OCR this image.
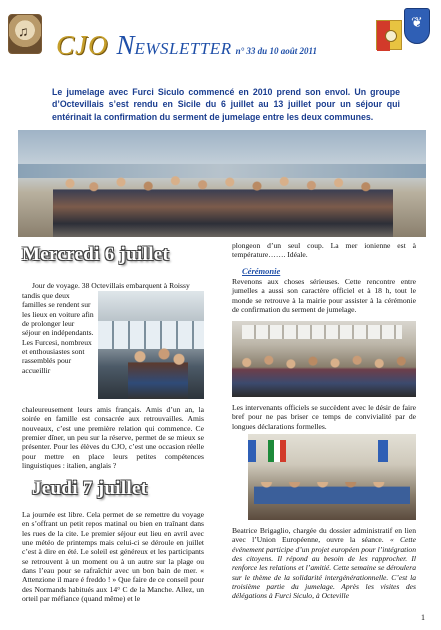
♫ CJO NEWSLETTER n° 33 du 10 août 2011
❦

Le jumelage avec Furci Siculo commencé en 2010 prend son envol. Un groupe d’Octevillais s’est rendu en Sicile du 6 juillet au 13 juillet pour un séjour qui entérinait la confirmation du serment de jumelage entre les deux communes.

Mercredi 6 juillet

Jour de voyage. 38 Octevillais embarquent à Roissy

tandis que deux familles se rendent sur les lieux en voiture afin de prolonger leur séjour en indépendants. Les Furcesi, nombreux et enthousiastes sont rassemblés pour accueillir

chaleureusement leurs amis français. Amis d’un an, la soirée en famille est consacrée aux retrouvailles. Amis nouveaux, c’est une première relation qui commence. Ce premier dîner, un peu sur la réserve, permet de se mieux se présenter. Pour les élèves du CJO, c’est une occasion réelle pour mettre en place leurs petites compétences linguistiques : italien, anglais ?

Jeudi 7 juillet

La journée est libre. Cela permet de se remettre du voyage en s’offrant un petit repos matinal ou bien en traînant dans les rues de la cite. Le premier séjour eut lieu en avril avec une météo de printemps mais celui-ci se déroule en juillet c’est à dire en été. Le soleil est généreux et les participants se retrouvent à un moment ou à un autre sur la plage ou dans l’eau pour se rafraîchir avec un bon bain de mer. « Attenzione il mare é freddo ! » Que faire de ce conseil pour des Normands habitués aux 14° C de la Manche. Allez, un orteil par méfiance (quand même) et le

plongeon d’un seul coup. La mer ionienne est à température……. Idéale.

Cérémonie

Revenons aux choses sérieuses. Cette rencontre entre jumelles a aussi son caractère officiel et à 18 h, tout le monde se retrouve à la mairie pour assister à la cérémonie de confirmation du serment de jumelage.

Les intervenants officiels se succèdent avec le désir de faire bref pour ne pas briser ce temps de convivialité par de longues déclarations formelles.

Beatrice Brigaglio, chargée du dossier administratif en lien avec l’Union Européenne, ouvre la séance. « Cette événement participe d’un projet européen pour l’intégration des citoyens. Il répond au besoin de les rapprocher. Il renforce les relations et l’amitié. Cette semaine se déroulera sur le thème de la solidarité intergénérationnelle. C’est la troisième partie du jumelage. Après les visites des délégations à Furci Siculo, à Octeville

1
